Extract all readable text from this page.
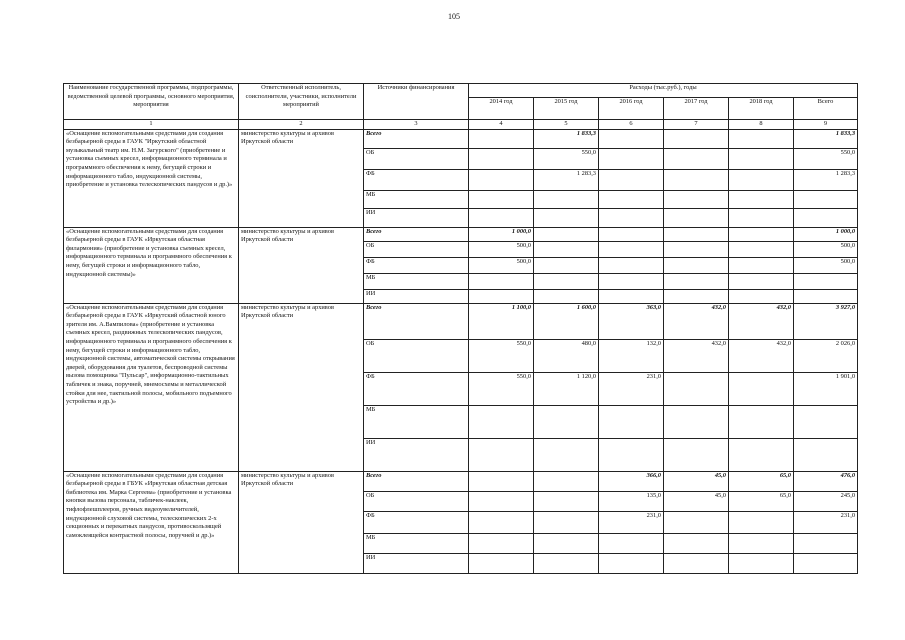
105
Наименование государственной программы, подпрограммы, ведомственной целевой программы, основного мероприятия, мероприятия	Ответственный исполнитель, соисполнители, участники, исполнители мероприятий	Источники финансирования	Расходы (тыс.руб.), годы					
			2014 год	2015 год	2016 год	2017 год	2018 год	Всего
1	2	3	4	5	6	7	8	9
«Оснащение вспомогательными средствами для создания безбарьерной среды в ГАУК "Иркутский областной музыкальный театр им. Н.М. Загурского" (приобретение и установка съемных кресел, информационного терминала и программного обеспечения к нему, бегущей строки и информационного табло, индукционной системы, приобретение и установка телескопических пандусов и др.)»	министерство культуры и архивов Иркутской области	Всего		1 833,3				1 833,3
		ОБ		550,0				550,0
		ФБ		1 283,3				1 283,3
		МБ						
		ИИ						
«Оснащение вспомогательными средствами для создания безбарьерной среды в ГАУК «Иркутская областная филармония» (приобретение и установка съемных кресел, информационного терминала и программного обеспечения к нему, бегущей строки и информационного табло, индукционной системы)»	министерство культуры и архивов Иркутской области	Всего	1 000,0					1 000,0
		ОБ	500,0					500,0
		ФБ	500,0					500,0
		МБ						
		ИИ						
«Оснащение вспомогательными средствами для создания безбарьерной среды в ГАУК «Иркутский областной юного зрителя им. А.Вампилова» (приобретение и установка съемных кресел, раздвижных телескопических пандусов, информационного терминала и программного обеспечения к нему, бегущей строки и информационного табло, индукционной системы, автоматической системы открывания дверей, оборудования для туалетов, беспроводной системы вызова помощника "Пульсар", информационно-тактильных табличек и знака, поручней, мнемосхемы и металлической стойки для нее, тактильной полосы, мобильного подъемного устройства и др.)»	министерство культуры и архивов Иркутской области	Всего	1 100,0	1 600,0	363,0	432,0	432,0	3 927,0
		ОБ	550,0	480,0	132,0	432,0	432,0	2 026,0
		ФБ	550,0	1 120,0	231,0			1 901,0
		МБ						
		ИИ						
«Оснащение вспомогательными средствами для создания безбарьерной среды в ГБУК «Иркутская областная детская библиотека им. Марка Сергеева» (приобретение и установка кнопки вызова персонала, табличек-наклеек, тифлофлешплееров, ручных видеоувеличителей, индукционной слуховой системы, телескопических 2-х секционных и перекатных пандусов, противоскользящей самоклеящейся контрастной полосы, поручней и др.)»	министерство культуры и архивов Иркутской области	Всего			366,0	45,0	65,0	476,0
		ОБ			135,0	45,0	65,0	245,0
		ФБ			231,0			231,0
		МБ						
		ИИ						
